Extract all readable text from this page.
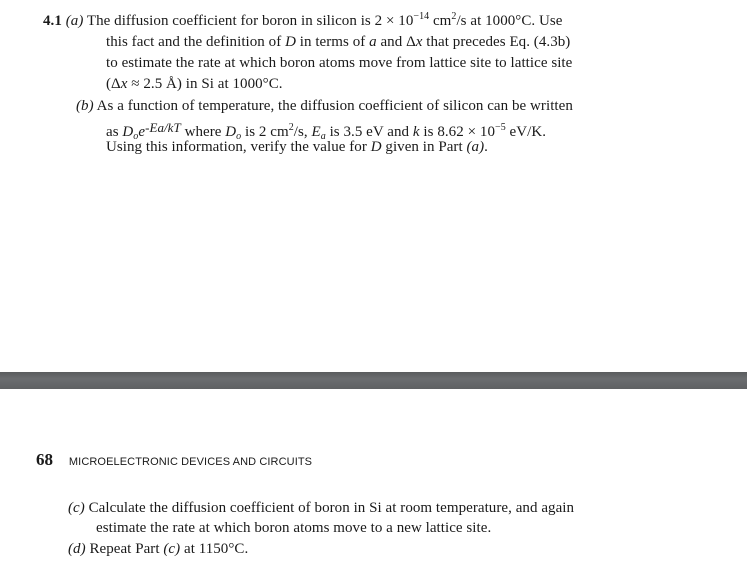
4.1 (a) The diffusion coefficient for boron in silicon is $2 \times 10^{-14}$ $cm^2/s$ at 1000°C. Use
this fact and the definition of D in terms of a and Δx that precedes Eq. (4.3b)
to estimate the rate at which boron atoms move from lattice site to lattice site
(Δx ≈ 2.5 Å) in Si at 1000°C.
(b) As a function of temperature, the diffusion coefficient of silicon can be written
as $D_oe-Ea/kT$ where $D_o$ is 2 $cm^2/s$, $E_a$ is 3.5 eV and k is $8.62 \times 10^{-5}$ eV/K.
Using this information, verify the value for D given in Part (a).
68 MICROELECTRONIC DEVICES AND CIRCUITS
(c) Calculate the diffusion coefficient of boron in Si at room temperature, and again
estimate the rate at which boron atoms move to a new lattice site.
(d) Repeat Part (c) at 1150°C.
